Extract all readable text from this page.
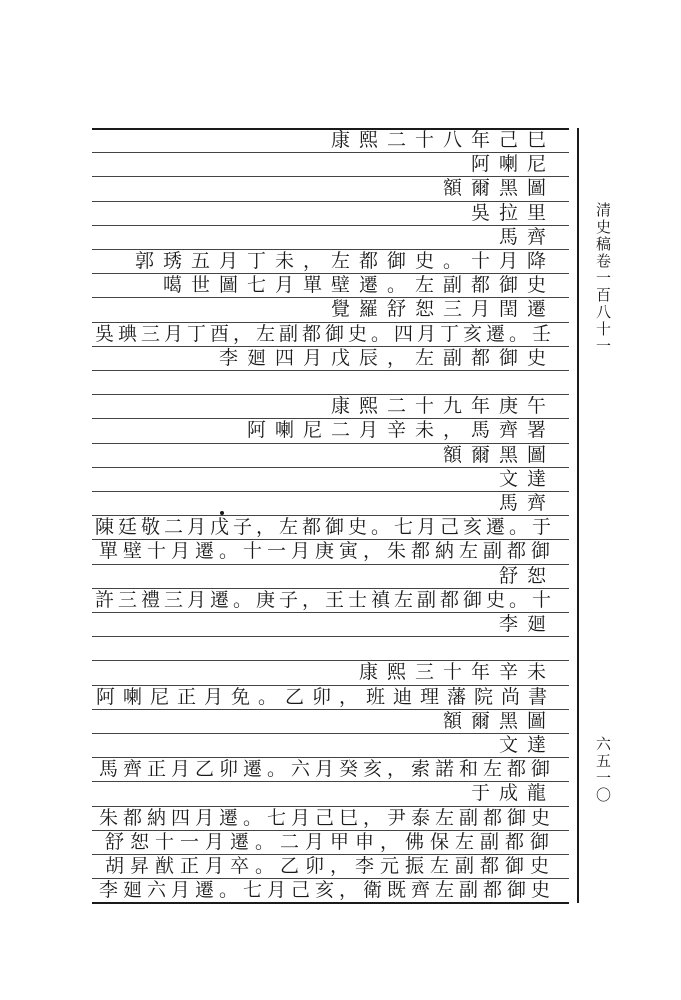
康熙二十八年己巳
阿喇尼
額爾黑圖
吳拉里
馬齊
郭琇五月丁未，左都御史。十月降
噶世圖七月單壁遷。左副都御史
覺羅舒恕三月閏遷
吳琠三月丁酉，左副都御史。四月丁亥遷。壬
李廻四月戊辰，左副都御史
康熙二十九年庚午
阿喇尼二月辛未，馬齊署
額爾黑圖
文達
馬齊
陳廷敬二月戊子，左都御史。七月己亥遷。于
單壁十月遷。十一月庚寅，朱都納左副都御
舒恕
許三禮三月遷。庚子，王士禛左副都御史。十
李廻
康熙三十年辛未
阿喇尼正月免。乙卯，班迪理藩院尚書
額爾黑圖
文達
馬齊正月乙卯遷。六月癸亥，索諾和左都御
于成龍
朱都納四月遷。七月己巳，尹泰左副都御史
舒恕十一月遷。二月甲申，佛保左副都御
胡昇猷正月卒。乙卯，李元振左副都御史
李廻六月遷。七月己亥，衛既齊左副都御史
清史稿卷一百八十一
六五一〇
